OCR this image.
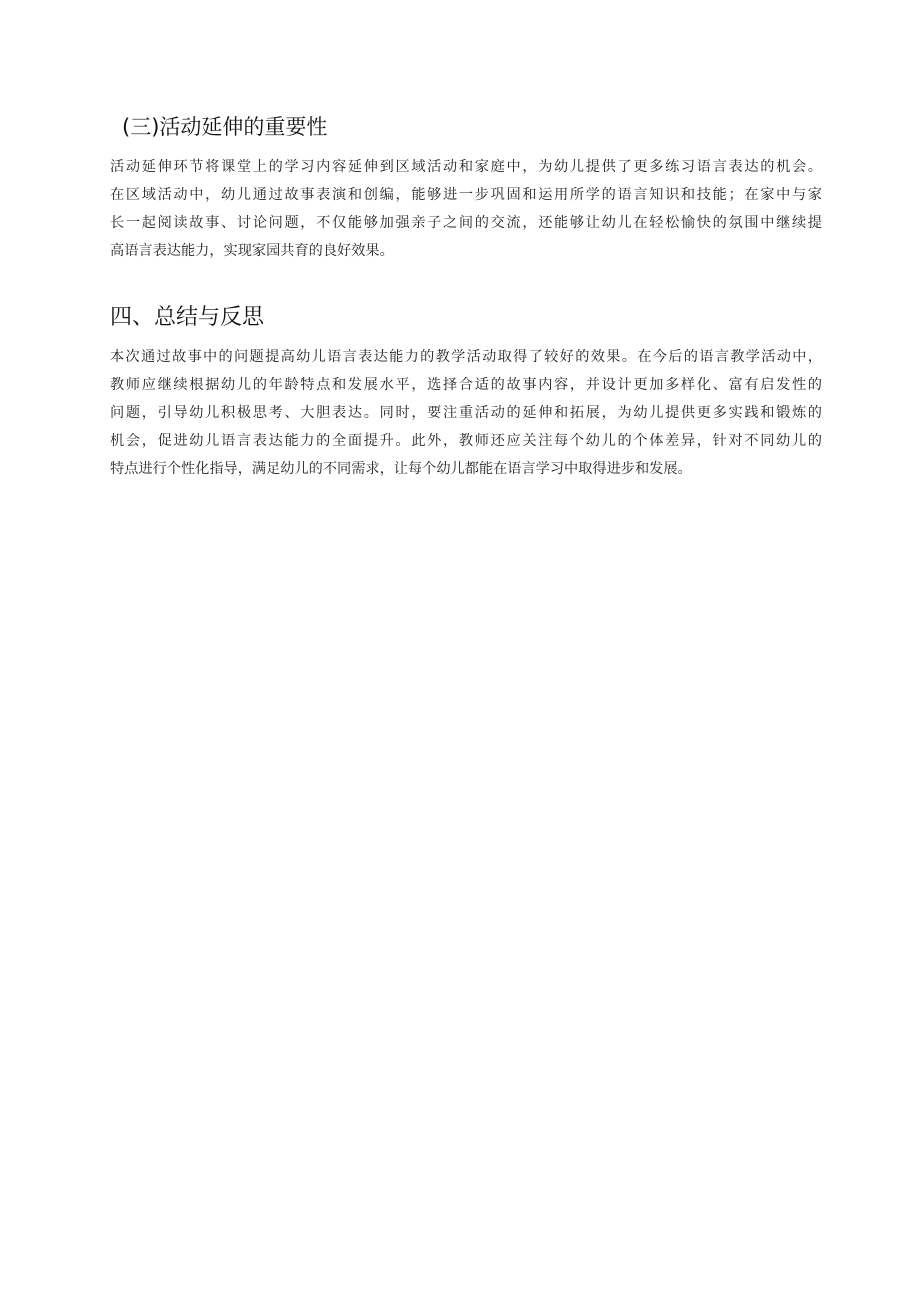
(三)活动延伸的重要性

活动延伸环节将课堂上的学习内容延伸到区域活动和家庭中，为幼儿提供了更多练习语言表达的机会。
在区域活动中，幼儿通过故事表演和创编，能够进一步巩固和运用所学的语言知识和技能；在家中与家
长一起阅读故事、讨论问题，不仅能够加强亲子之间的交流，还能够让幼儿在轻松愉快的氛围中继续提
高语言表达能力，实现家园共育的良好效果。

四、总结与反思

本次通过故事中的问题提高幼儿语言表达能力的教学活动取得了较好的效果。在今后的语言教学活动中，
教师应继续根据幼儿的年龄特点和发展水平，选择合适的故事内容，并设计更加多样化、富有启发性的
问题，引导幼儿积极思考、大胆表达。同时，要注重活动的延伸和拓展，为幼儿提供更多实践和锻炼的
机会，促进幼儿语言表达能力的全面提升。此外，教师还应关注每个幼儿的个体差异，针对不同幼儿的
特点进行个性化指导，满足幼儿的不同需求，让每个幼儿都能在语言学习中取得进步和发展。
